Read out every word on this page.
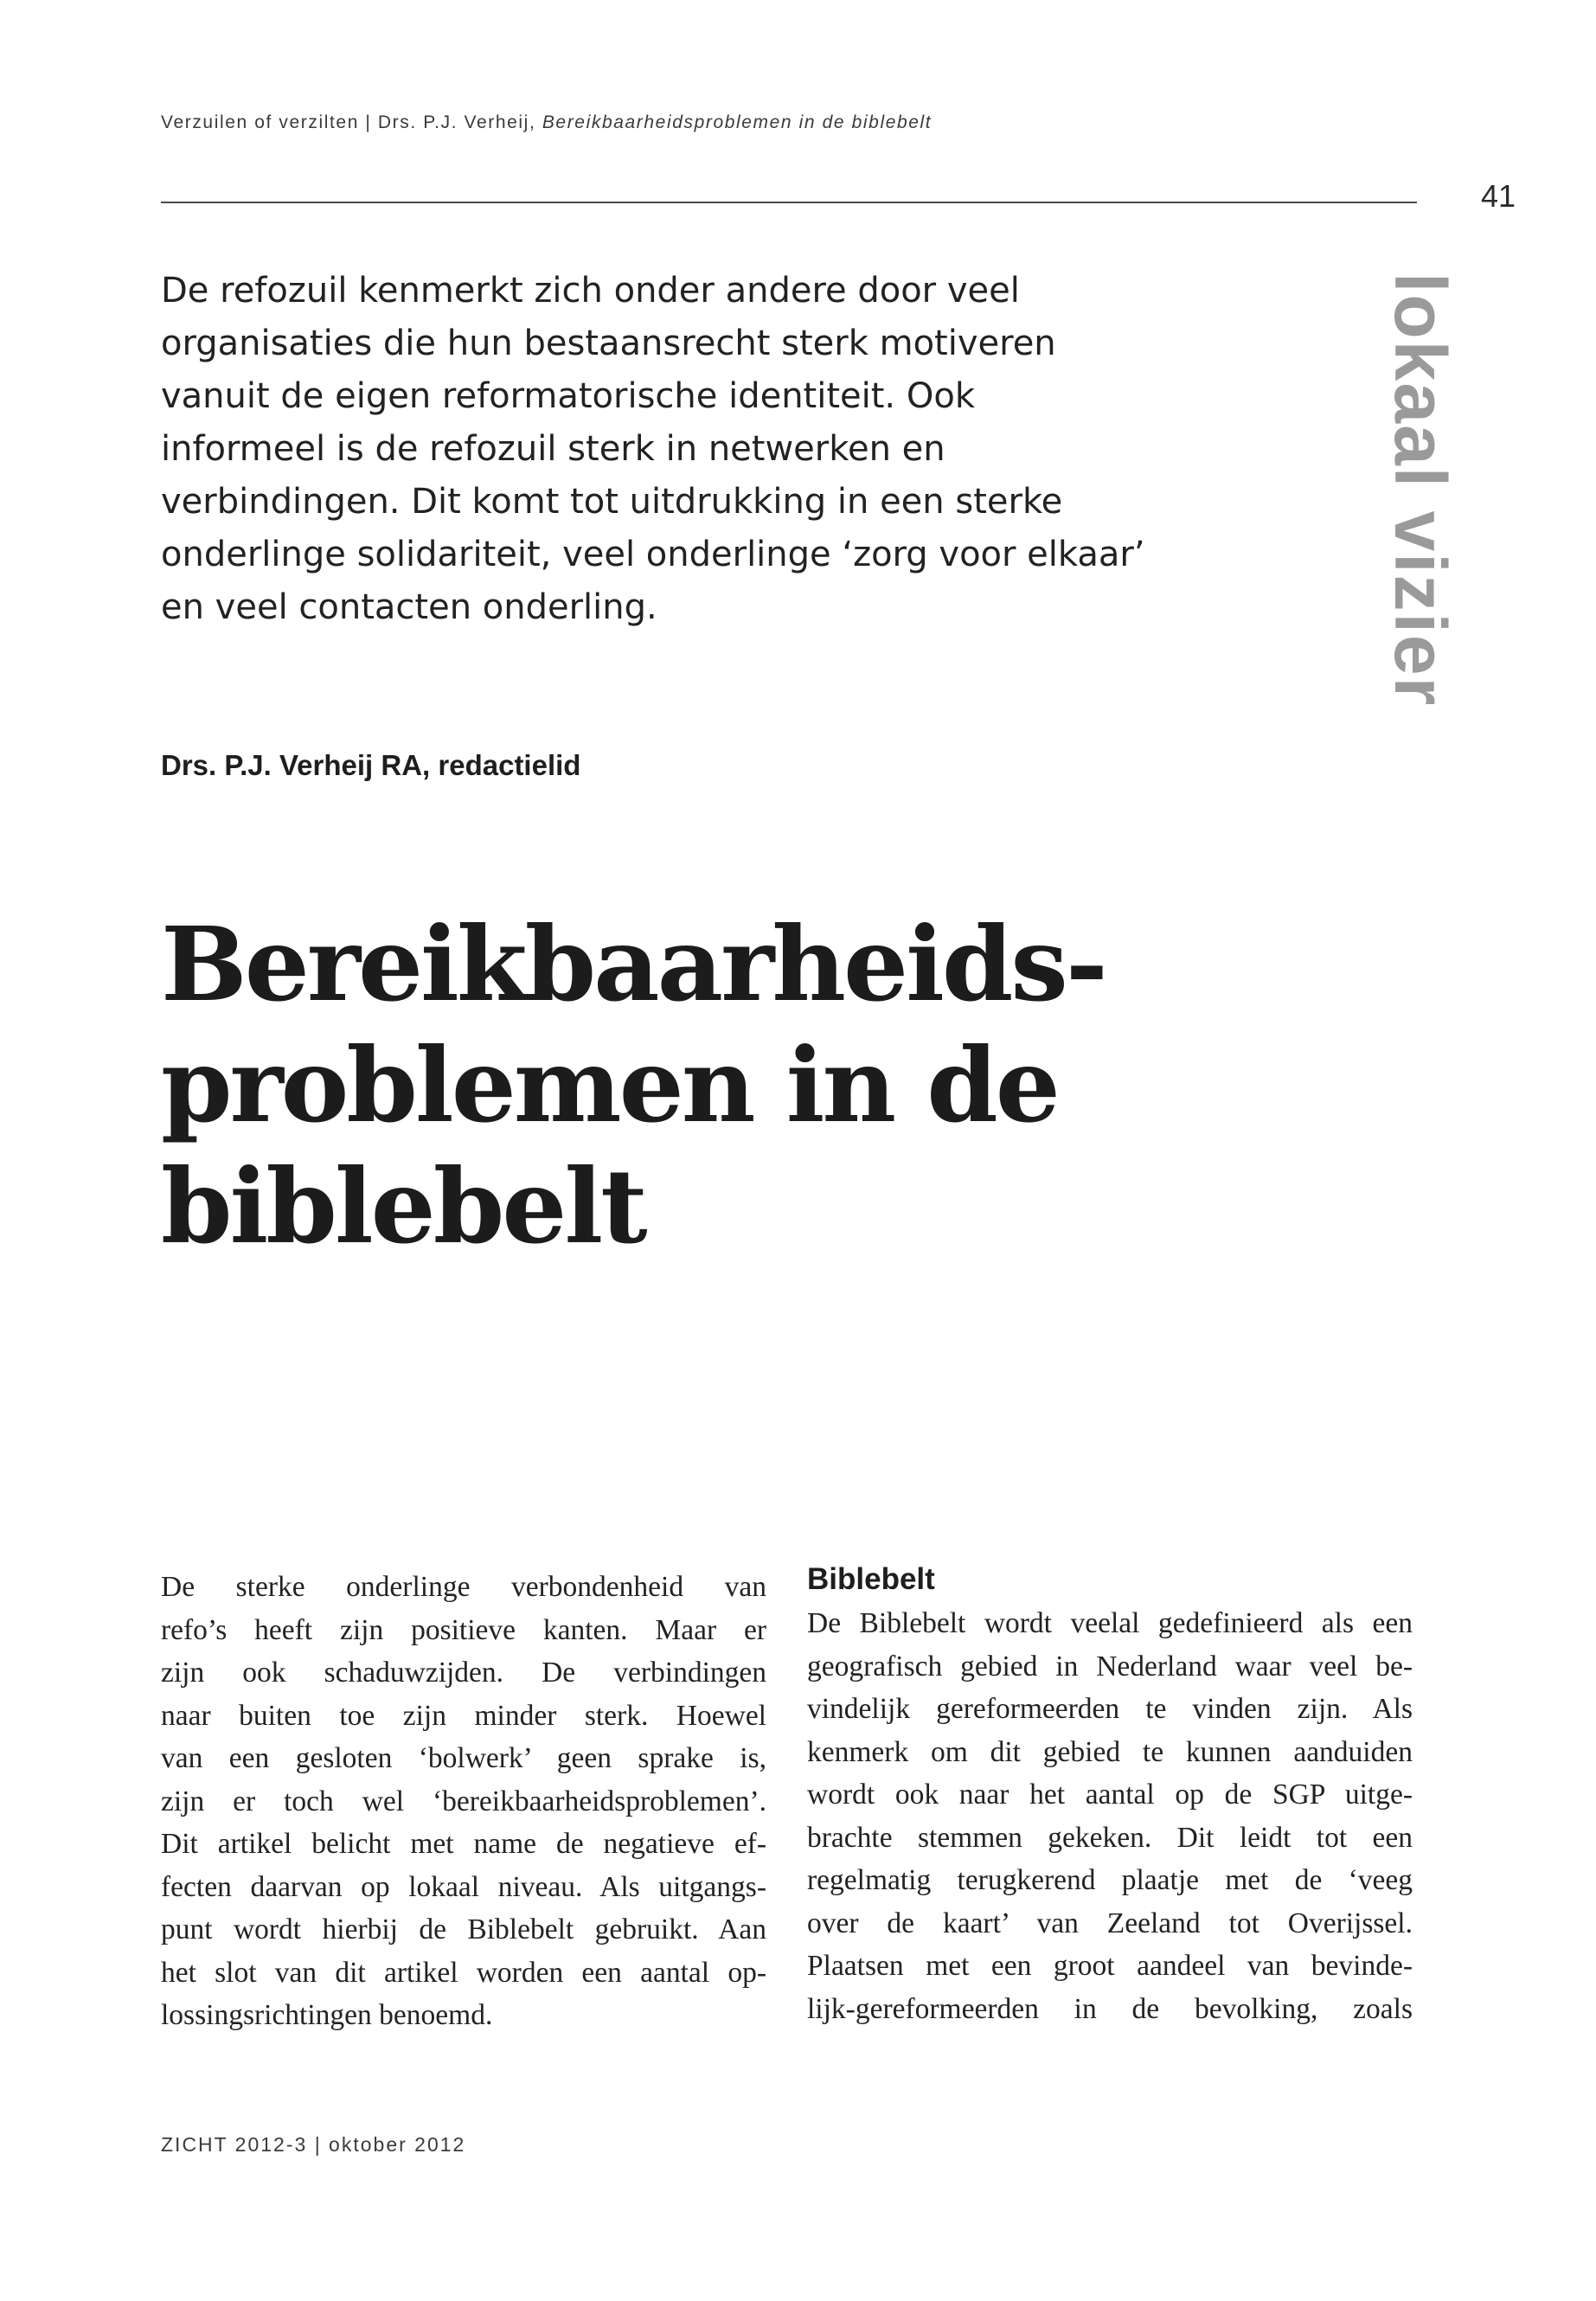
Verzuilen of verzilten | Drs. P.J. Verheij, Bereikbaarheidsproblemen in de biblebelt
41
lokaal vizier

De refozuil kenmerkt zich onder andere door veel organisaties die hun bestaansrecht sterk motiveren vanuit de eigen reformatorische identiteit. Ook informeel is de refozuil sterk in netwerken en verbindingen. Dit komt tot uitdrukking in een sterke onderlinge solidariteit, veel onderlinge ‘zorg voor elkaar’ en veel contacten onderling.

Drs. P.J. Verheij RA, redactielid
Bereikbaarheids-
problemen in de
biblebelt

De sterke onderlinge verbondenheid van
refo’s heeft zijn positieve kanten. Maar er
zijn ook schaduwzijden. De verbindingen
naar buiten toe zijn minder sterk. Hoewel
van een gesloten ‘bolwerk’ geen sprake is,
zijn er toch wel ‘bereikbaarheidsproblemen’.
Dit artikel belicht met name de negatieve ef-
fecten daarvan op lokaal niveau. Als uitgangs-
punt wordt hierbij de Biblebelt gebruikt. Aan
het slot van dit artikel worden een aantal op-
lossingsrichtingen benoemd.

Biblebelt

De Biblebelt wordt veelal gedefinieerd als een
geografisch gebied in Nederland waar veel be-
vindelijk gereformeerden te vinden zijn. Als
kenmerk om dit gebied te kunnen aanduiden
wordt ook naar het aantal op de SGP uitge-
brachte stemmen gekeken. Dit leidt tot een
regelmatig terugkerend plaatje met de ‘veeg
over de kaart’ van Zeeland tot Overijssel.
Plaatsen met een groot aandeel van bevinde-
lijk-gereformeerden in de bevolking, zoals

ZICHT 2012-3 | oktober 2012
